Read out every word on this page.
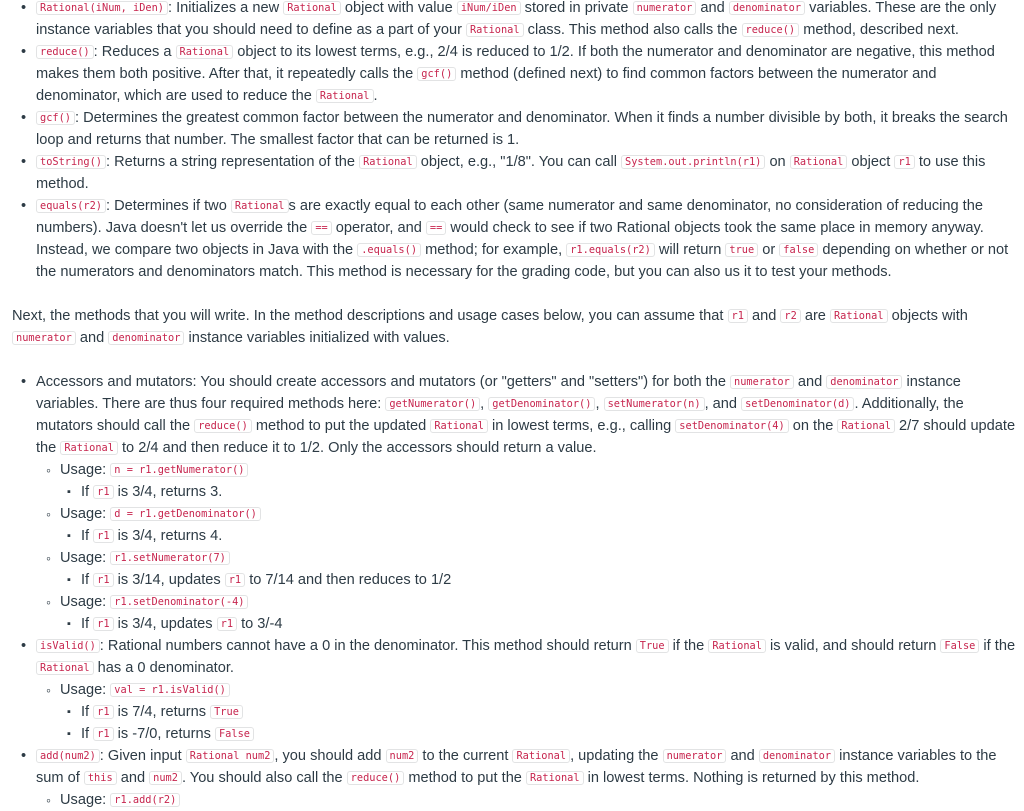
• Rational(iNum, iDen) : Initializes a new Rational object with value iNum/iDen stored in private numerator and denominator variables. These are the only instance variables that you should need to define as a part of your Rational class. This method also calls the reduce() method, described next.
• reduce() : Reduces a Rational object to its lowest terms, e.g., 2/4 is reduced to 1/2. If both the numerator and denominator are negative, this method makes them both positive. After that, it repeatedly calls the gcf() method (defined next) to find common factors between the numerator and denominator, which are used to reduce the Rational .
• gcf() : Determines the greatest common factor between the numerator and denominator. When it finds a number divisible by both, it breaks the search loop and returns that number. The smallest factor that can be returned is 1.
• toString() : Returns a string representation of the Rational object, e.g., "1/8". You can call System.out.println(r1) on Rational object r1 to use this method.
• equals(r2) : Determines if two Rational s are exactly equal to each other (same numerator and same denominator, no consideration of reducing the numbers). Java doesn't let us override the == operator, and == would check to see if two Rational objects took the same place in memory anyway. Instead, we compare two objects in Java with the .equals() method; for example, r1.equals(r2) will return true or false depending on whether or not the numerators and denominators match. This method is necessary for the grading code, but you can also us it to test your methods.

Next, the methods that you will write. In the method descriptions and usage cases below, you can assume that r1 and r2 are Rational objects with numerator and denominator instance variables initialized with values.

• Accessors and mutators: You should create accessors and mutators (or "getters" and "setters") for both the numerator and denominator instance variables. There are thus four required methods here: getNumerator() , getDenominator() , setNumerator(n) , and setDenominator(d) . Additionally, the mutators should call the reduce() method to put the updated Rational in lowest terms, e.g., calling setDenominator(4) on the Rational 2/7 should update the Rational to 2/4 and then reduce it to 1/2. Only the accessors should return a value.
◦ Usage: n = r1.getNumerator()
▪ If r1 is 3/4, returns 3.
◦ Usage: d = r1.getDenominator()
▪ If r1 is 3/4, returns 4.
◦ Usage: r1.setNumerator(7)
▪ If r1 is 3/14, updates r1 to 7/14 and then reduces to 1/2
◦ Usage: r1.setDenominator(-4)
▪ If r1 is 3/4, updates r1 to 3/-4
• isValid() : Rational numbers cannot have a 0 in the denominator. This method should return True if the Rational is valid, and should return False if the Rational has a 0 denominator.
◦ Usage: val = r1.isValid()
▪ If r1 is 7/4, returns True
▪ If r1 is -7/0, returns False
• add(num2) : Given input Rational num2 , you should add num2 to the current Rational , updating the numerator and denominator instance variables to the sum of this and num2 . You should also call the reduce() method to put the Rational in lowest terms. Nothing is returned by this method.
◦ Usage: r1.add(r2)
